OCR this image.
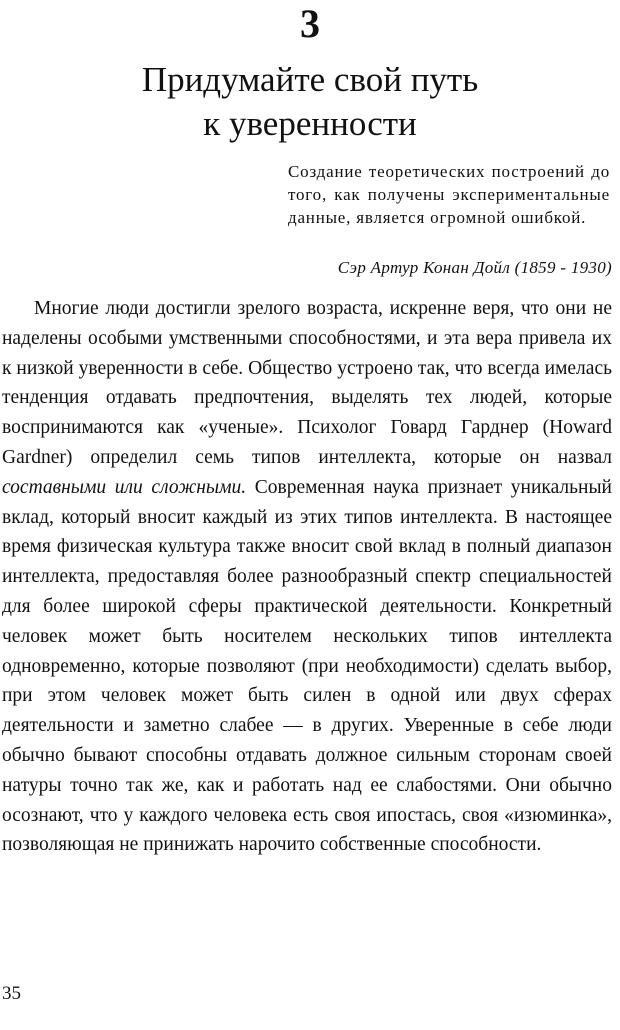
3
Придумайте свой путь
к уверенности
Создание теоретических построений до того, как получены экспериментальные данные, является огромной ошибкой.
Сэр Артур Конан Дойл (1859 - 1930)

Многие люди достигли зрелого возраста, искренне веря, что они не наделены особыми умственными способностями, и эта вера привела их к низкой уверенности в себе. Общество устроено так, что всегда имелась тенденция отдавать предпочтения, выделять тех людей, которые воспринимаются как «ученые». Психолог Говард Гарднер (Howard Gardner) определил семь типов интеллекта, которые он назвал составными или сложными. Современная наука признает уникальный вклад, который вносит каждый из этих типов интеллекта. В настоящее время физическая культура также вносит свой вклад в полный диапазон интеллекта, предоставляя более разнообразный спектр специальностей для более широкой сферы практической деятельности. Конкретный человек может быть носителем нескольких типов интеллекта одновременно, которые позволяют (при необходимости) сделать выбор, при этом человек может быть силен в одной или двух сферах деятельности и заметно слабее — в других. Уверенные в себе люди обычно бывают способны отдавать должное сильным сторонам своей натуры точно так же, как и работать над ее слабостями. Они обычно осознают, что у каждого человека есть своя ипостась, своя «изюминка», позволяющая не принижать нарочито собственные способности.

35
